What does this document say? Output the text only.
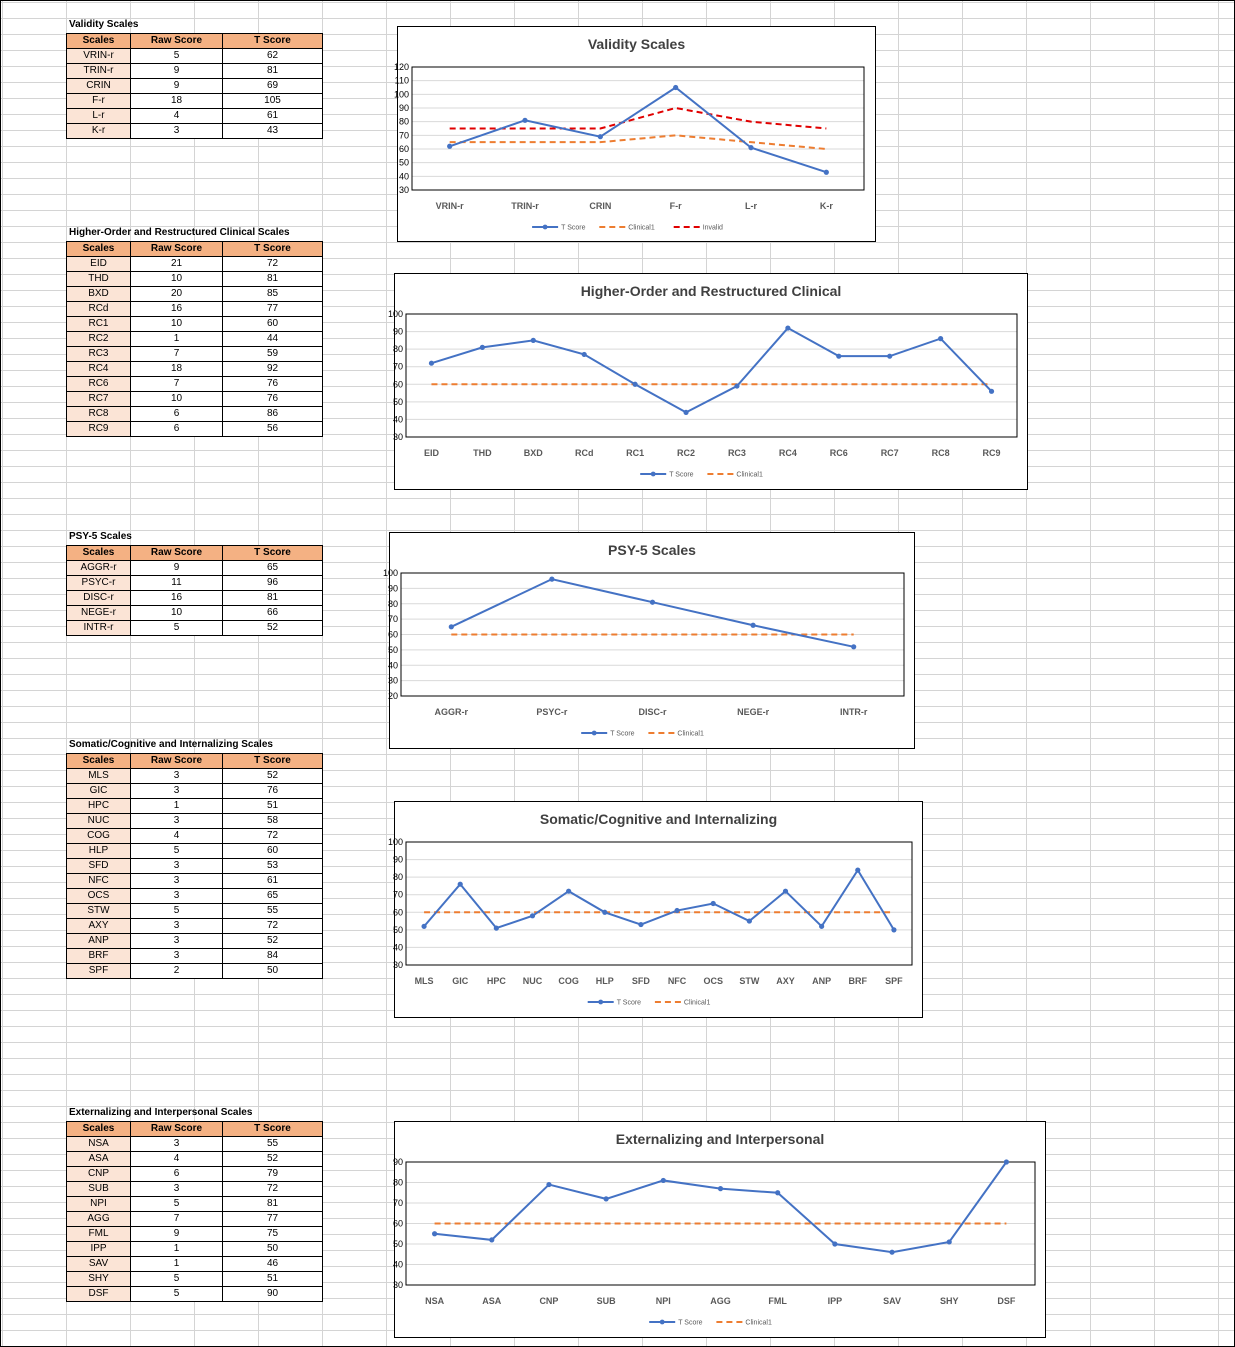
Validity Scales
Scales	Raw Score	T Score
VRIN-r	5	62
TRIN-r	9	81
CRIN	9	69
F-r	18	105
L-r	4	61
K-r	3	43
Higher-Order and Restructured Clinical Scales
Scales	Raw Score	T Score
EID	21	72
THD	10	81
BXD	20	85
RCd	16	77
RC1	10	60
RC2	1	44
RC3	7	59
RC4	18	92
RC6	7	76
RC7	10	76
RC8	6	86
RC9	6	56
PSY-5 Scales
Scales	Raw Score	T Score
AGGR-r	9	65
PSYC-r	11	96
DISC-r	16	81
NEGE-r	10	66
INTR-r	5	52
Somatic/Cognitive and Internalizing Scales
Scales	Raw Score	T Score
MLS	3	52
GIC	3	76
HPC	1	51
NUC	3	58
COG	4	72
HLP	5	60
SFD	3	53
NFC	3	61
OCS	3	65
STW	5	55
AXY	3	72
ANP	3	52
BRF	3	84
SPF	2	50
Externalizing and Interpersonal Scales
Scales	Raw Score	T Score
NSA	3	55
ASA	4	52
CNP	6	79
SUB	3	72
NPI	5	81
AGG	7	77
FML	9	75
IPP	1	50
SAV	1	46
SHY	5	51
DSF	5	90
Validity Scales
30
40
50
60
70
80
90
100
110
120
VRIN-r	TRIN-r	CRIN	F-r	L-r	K-r
T Score	Clinical1	Invalid
Higher-Order and Restructured Clinical
30
40
50
60
70
80
90
100
EID	THD	BXD	RCd	RC1	RC2	RC3	RC4	RC6	RC7	RC8	RC9
T Score	Clinical1
PSY-5 Scales
20
30
40
50
60
70
80
90
100
AGGR-r	PSYC-r	DISC-r	NEGE-r	INTR-r
T Score	Clinical1
Somatic/Cognitive and Internalizing
30
40
50
60
70
80
90
100
MLS GIC HPC NUC COG HLP SFD NFC OCS STW AXY ANP BRF SPF
T Score	Clinical1
Externalizing and Interpersonal
30
40
50
60
70
80
90
NSA	ASA	CNP	SUB	NPI	AGG	FML	IPP	SAV	SHY	DSF
T Score	Clinical1
